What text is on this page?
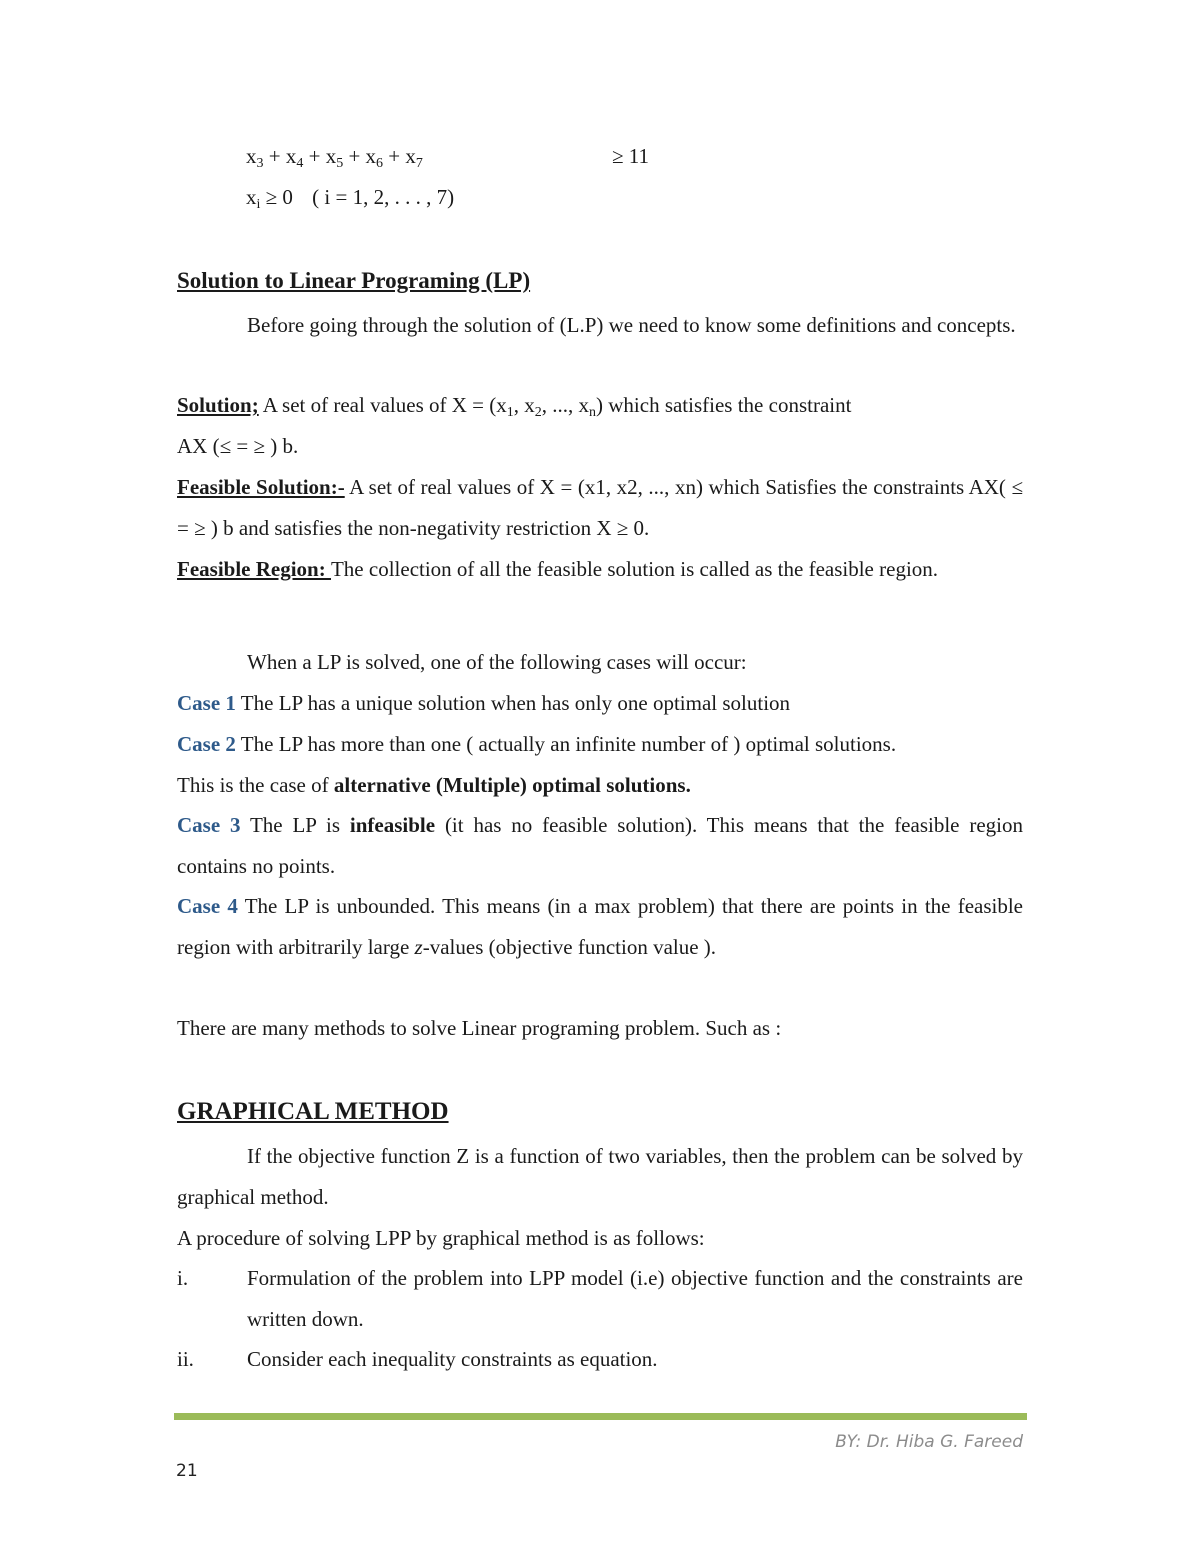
$x_3 + x_4 + x_5 + x_6 + x_7$	≥ 11
$x_i \ge 0$ ( i = 1, 2, . . . , 7)
Solution to Linear Programing (LP)
Before going through the solution of (L.P) we need to know some definitions and concepts.
Solution; A set of real values of $X = (x_1$, $x_2$, ..., $x_n$) which satisfies the constraint
AX (≤ = ≥ ) b.
Feasible Solution:- A set of real values of X = (x1, x2, ..., xn) which Satisfies the constraints AX( ≤ = ≥ ) b and satisfies the non-negativity restriction X ≥ 0.
Feasible Region: The collection of all the feasible solution is called as the feasible region.
When a LP is solved, one of the following cases will occur:
Case 1 The LP has a unique solution when has only one optimal solution
Case 2 The LP has more than one ( actually an infinite number of ) optimal solutions.
This is the case of alternative (Multiple) optimal solutions.
Case 3 The LP is infeasible (it has no feasible solution). This means that the feasible region contains no points.
Case 4 The LP is unbounded. This means (in a max problem) that there are points in the feasible region with arbitrarily large z-values (objective function value ).
There are many methods to solve Linear programing problem. Such as :
GRAPHICAL METHOD
If the objective function Z is a function of two variables, then the problem can be solved by graphical method.
A procedure of solving LPP by graphical method is as follows:
i.	Formulation of the problem into LPP model (i.e) objective function and the constraints are written down.
ii.	Consider each inequality constraints as equation.
BY: Dr. Hiba G. Fareed
21
